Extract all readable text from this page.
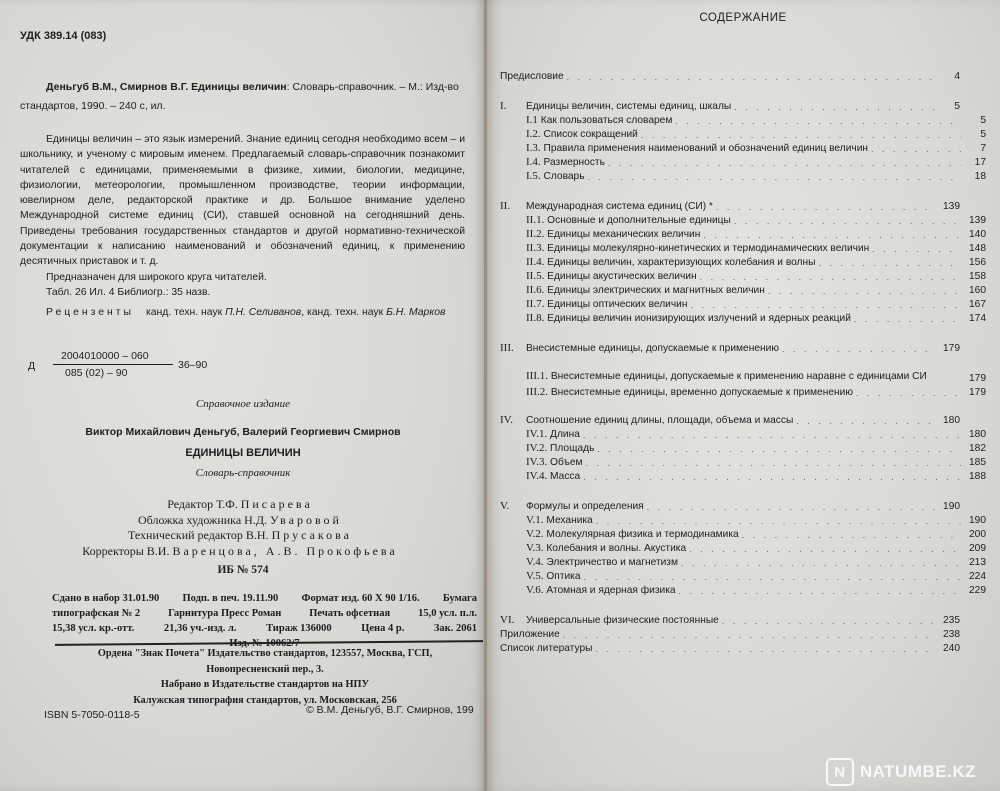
УДК 389.14 (083)
Деньгуб В.М., Смирнов В.Г. Единицы величин: Словарь-справочник. – М.: Изд-во стандартов, 1990. – 240 с, ил.

Единицы величин – это язык измерений. Знание единиц сегодня необходимо всем – и школьнику, и ученому с мировым именем. Предлагаемый словарь-справочник познакомит читателей с единицами, применяемыми в физике, химии, биологии, медицине, физиологии, метеорологии, промышленном производстве, теории информации, ювелирном деле, редакторской практике и др. Большое внимание уделено Международной системе единиц (СИ), ставшей основной на сегодняшний день. Приведены требования государственных стандартов и другой нормативно-технической документации к написанию наименований и обозначений единиц, к применению десятичных приставок и т. д.

Предназначен для широкого круга читателей.

Табл. 26 Ил. 4 Библиогр.: 35 назв.

Рецензенты канд. техн. наук П.Н. Селиванов, канд. техн. наук Б.Н. Марков
Д $\frac{2004010000 - 060}{085 (02) - 90} 36-90$
Справочное издание
Виктор Михайлович Деньгуб, Валерий Георгиевич Смирнов
ЕДИНИЦЫ ВЕЛИЧИН
Словарь-справочник
Редактор Т.Ф. Писарева
Обложка художника Н.Д. Уваровой
Технический редактор В.Н. Прусакова
Корректоры В.И. Варенцова, А.В. Прокофьева
ИБ № 574
Сдано в набор 31.01.90 Подп. в печ. 19.11.90 Формат изд. 60 X 90 1/16. Бумага
типографская № 2	Гарнитура Пресс Роман	Печать офсетная	15,0 усл. п.л.
15,38 усл. кр.-отт.	21,36 уч.-изд. л.	Тираж 136000	Цена 4 р.	Зак. 2061
Ордена "Знак Почета" Издательство стандартов, 123557, Москва, ГСП,
Новопресненский пер., 3.
Набрано в Издательстве стандартов на НПУ
Калужская типография стандартов, ул. Московская, 256
ISBN 5-7050-0118-5	© В.М. Деньгуб, В.Г. Смирнов, 199
СОДЕРЖАНИЕ
Предисловие . . .	4
I.	Единицы величин, системы единиц, шкалы . . .	5
I.1 Как пользоваться словарем . . .	5
I.2. Список сокращений . . .	5
I.3. Правила применения наименований и обозначений единиц величин . . .	7
I.4. Размерность . . .	17
I.5. Словарь . . .	18
II.	Международная система единиц (СИ) * . . .	139
II.1. Основные и дополнительные единицы . . .	139
II.2. Единицы механических величин . . .	140
II.3. Единицы молекулярно-кинетических и термодинамических величин . . .	148
II.4. Единицы величин, характеризующих колебания и волны . . .	156
II.5. Единицы акустических величин . . .	158
II.6. Единицы электрических и магнитных величин . . .	160
II.7. Единицы оптических величин . . .	167
II.8. Единицы величин ионизирующих излучений и ядерных реакций . . .	174
III.	Внесистемные единицы, допускаемые к применению . . .	179
III.1. Внесистемные единицы, допускаемые к применению наравне с единицами СИ	179
III.2. Внесистемные единицы, временно допускаемые к применению . . .	179
IV.	Соотношение единиц длины, площади, объема и массы . . .	180
IV.1. Длина . . .	180
IV.2. Площадь . . .	182
IV.3. Объем . . .	185
IV.4. Масса . . .	188
V.	Формулы и определения . . .	190
V.1. Механика . . .	190
V.2. Молекулярная физика и термодинамика . . .	200
V.3. Колебания и волны. Акустика . . .	209
V.4. Электричество и магнетизм . . .	213
V.5. Оптика . . .	224
V.6. Атомная и ядерная физика . . .	229
VI.	Универсальные физические постоянные . . .	235
Приложение . . .	238
Список литературы . . .	240
N NATUMBE.KZ
